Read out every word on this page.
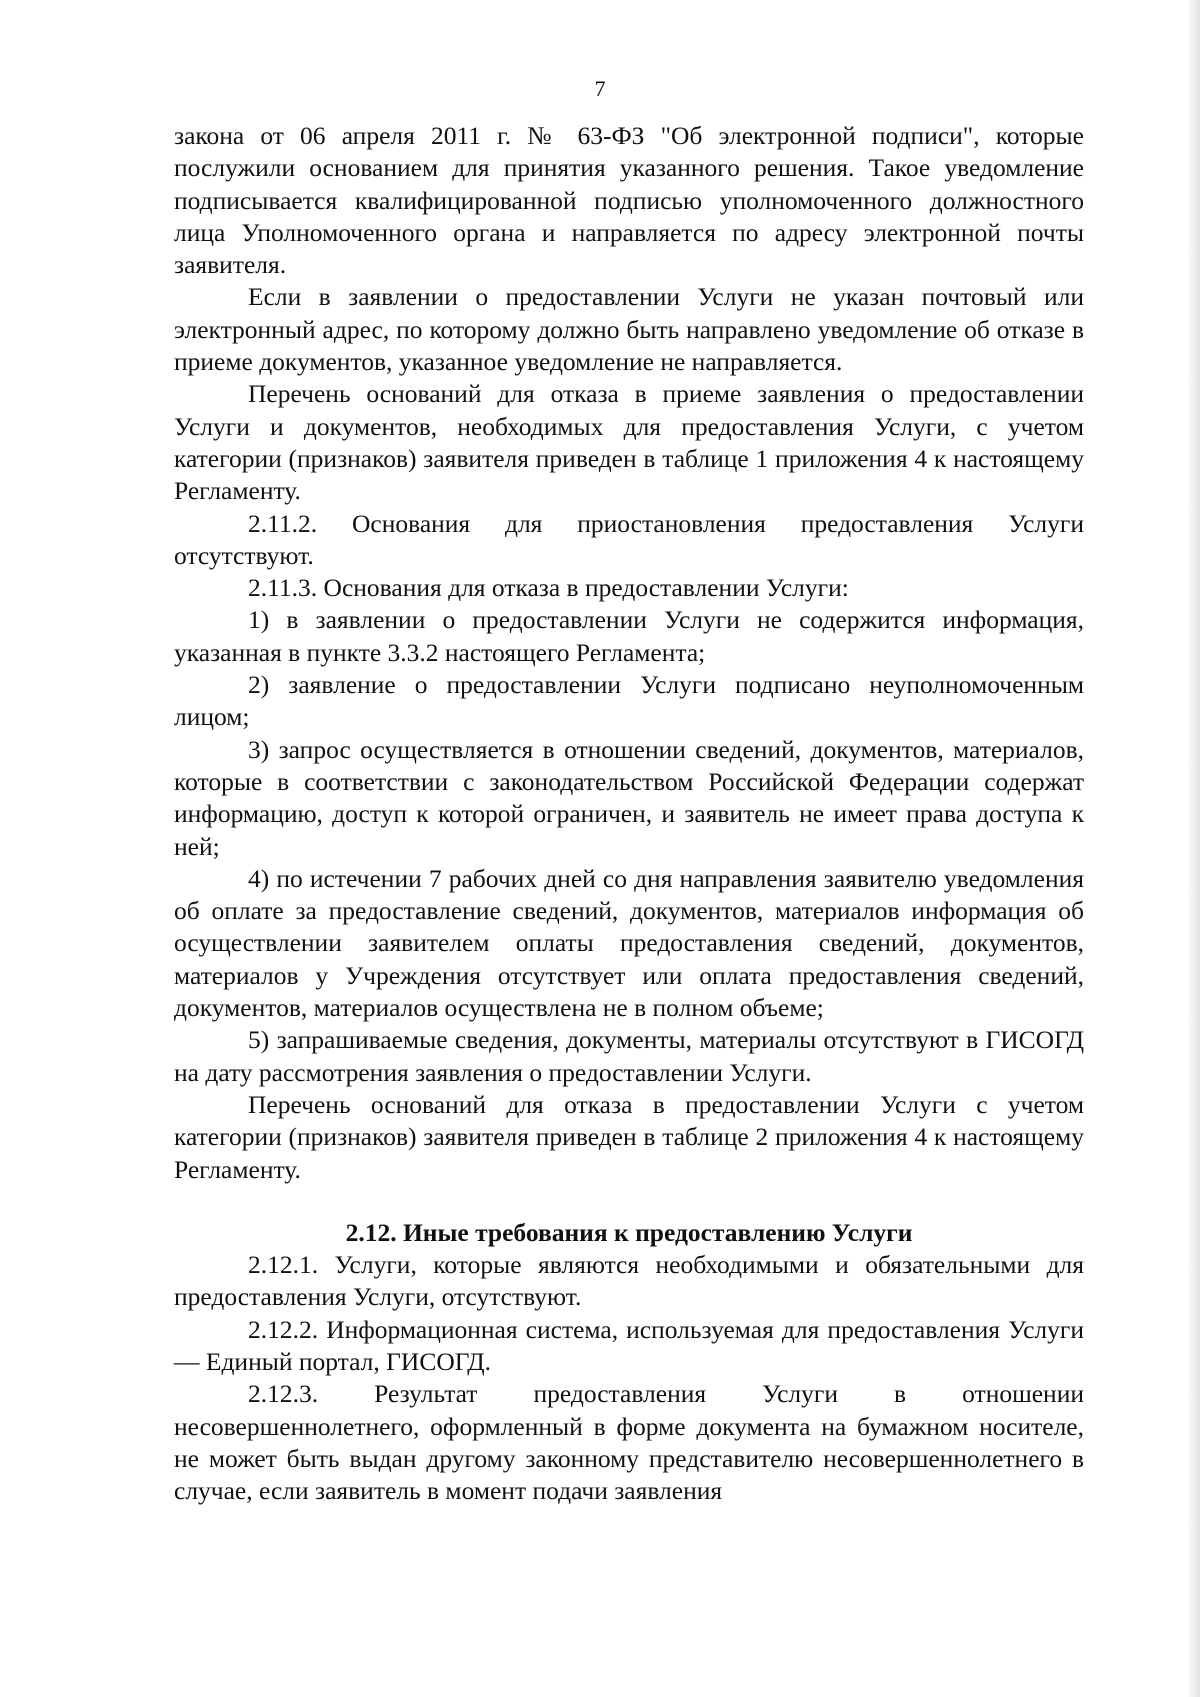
7

закона от 06 апреля 2011 г. № 63-ФЗ "Об электронной подписи", которые послужили основанием для принятия указанного решения. Такое уведомление подписывается квалифицированной подписью уполномоченного должностного лица Уполномоченного органа и направляется по адресу электронной почты заявителя.

Если в заявлении о предоставлении Услуги не указан почтовый или электронный адрес, по которому должно быть направлено уведомление об отказе в приеме документов, указанное уведомление не направляется.

Перечень оснований для отказа в приеме заявления о предоставлении Услуги и документов, необходимых для предоставления Услуги, с учетом категории (признаков) заявителя приведен в таблице 1 приложения 4 к настоящему Регламенту.

2.11.2. Основания для приостановления предоставления Услуги отсутствуют.

2.11.3. Основания для отказа в предоставлении Услуги:

1) в заявлении о предоставлении Услуги не содержится информация, указанная в пункте 3.3.2 настоящего Регламента;

2) заявление о предоставлении Услуги подписано неуполномоченным лицом;

3) запрос осуществляется в отношении сведений, документов, материалов, которые в соответствии с законодательством Российской Федерации содержат информацию, доступ к которой ограничен, и заявитель не имеет права доступа к ней;

4) по истечении 7 рабочих дней со дня направления заявителю уведомления об оплате за предоставление сведений, документов, материалов информация об осуществлении заявителем оплаты предоставления сведений, документов, материалов у Учреждения отсутствует или оплата предоставления сведений, документов, материалов осуществлена не в полном объеме;

5) запрашиваемые сведения, документы, материалы отсутствуют в ГИСОГД на дату рассмотрения заявления о предоставлении Услуги.

Перечень оснований для отказа в предоставлении Услуги с учетом категории (признаков) заявителя приведен в таблице 2 приложения 4 к настоящему Регламенту.

2.12. Иные требования к предоставлению Услуги

2.12.1. Услуги, которые являются необходимыми и обязательными для предоставления Услуги, отсутствуют.

2.12.2. Информационная система, используемая для предоставления Услуги — Единый портал, ГИСОГД.

2.12.3. Результат предоставления Услуги в отношении несовершеннолетнего, оформленный в форме документа на бумажном носителе, не может быть выдан другому законному представителю несовершеннолетнего в случае, если заявитель в момент подачи заявления
